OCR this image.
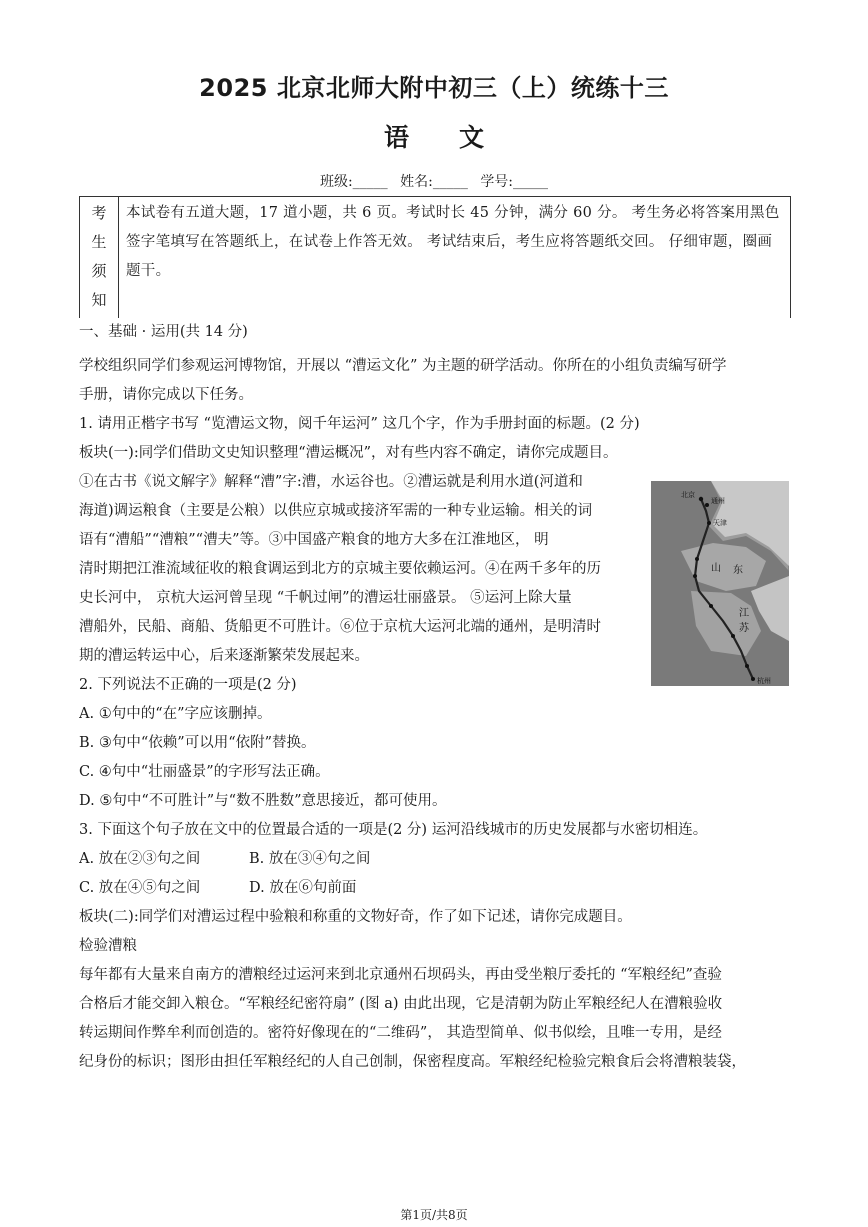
2025 北京北师大附中初三（上）统练十三
语文
班级:_____ 姓名:_____ 学号:_____
考
生
须
知
本试卷有五道大题，17 道小题，共 6 页。考试时长 45 分钟，满分 60 分。 考生务必将答案用黑色签字笔填写在答题纸上，在试卷上作答无效。 考试结束后，考生应将答题纸交回。 仔细审题，圈画题干。

一、基础 · 运用(共 14 分)

学校组织同学们参观运河博物馆，开展以 “漕运文化” 为主题的研学活动。你所在的小组负责编写研学

手册，请你完成以下任务。

1. 请用正楷字书写 “览漕运文物，阅千年运河” 这几个字，作为手册封面的标题。(2 分)

板块(一):同学们借助文史知识整理“漕运概况”，对有些内容不确定，请你完成题目。

①在古书《说文解字》解释“漕”字:漕，水运谷也。②漕运就是利用水道(河道和

海道)调运粮食（主要是公粮）以供应京城或接济军需的一种专业运输。相关的词

语有“漕船”“漕粮”“漕夫”等。③中国盛产粮食的地方大多在江淮地区， 明

清时期把江淮流域征收的粮食调运到北方的京城主要依赖运河。④在两千多年的历

史长河中， 京杭大运河曾呈现 “千帆过闸”的漕运壮丽盛景。 ⑤运河上除大量

漕船外，民船、商船、货船更不可胜计。⑥位于京杭大运河北端的通州，是明清时

期的漕运转运中心，后来逐渐繁荣发展起来。

2. 下列说法不正确的一项是(2 分)

A. ①句中的“在”字应该删掉。

B. ③句中“依赖”可以用“依附”替换。

C. ④句中“壮丽盛景”的字形写法正确。

D. ⑤句中“不可胜计”与“数不胜数”意思接近，都可使用。

3. 下面这个句子放在文中的位置最合适的一项是(2 分) 运河沿线城市的历史发展都与水密切相连。

A. 放在②③句之间	B. 放在③④句之间

C. 放在④⑤句之间	D. 放在⑥句前面

板块(二):同学们对漕运过程中验粮和称重的文物好奇，作了如下记述，请你完成题目。

检验漕粮

每年都有大量来自南方的漕粮经过运河来到北京通州石坝码头，再由受坐粮厅委托的 “军粮经纪”查验

合格后才能交卸入粮仓。“军粮经纪密符扇” (图 a) 由此出现，它是清朝为防止军粮经纪人在漕粮验收

转运期间作弊牟利而创造的。密符好像现在的“二维码”， 其造型简单、似书似绘，且唯一专用，是经

纪身份的标识；图形由担任军粮经纪的人自己创制，保密程度高。军粮经纪检验完粮食后会将漕粮装袋，

北京
通州
天津
山 东
江
苏
杭州
第1页/共8页
